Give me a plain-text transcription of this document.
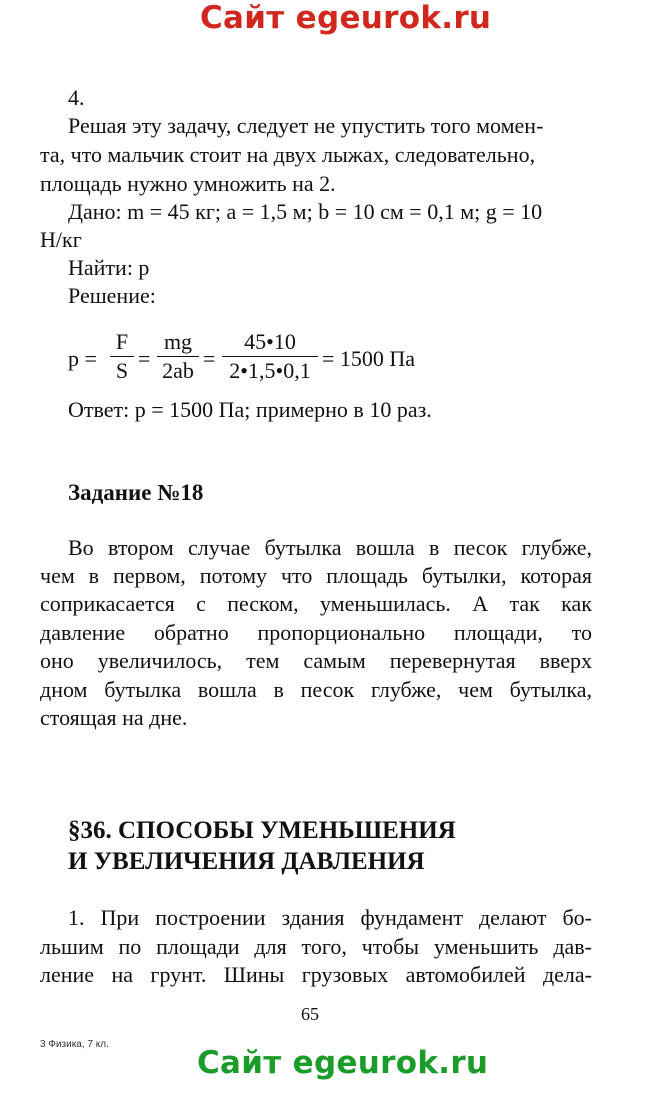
Сайт egeurok.ru
4.
Решая эту задачу, следует не упустить того момен-
та, что мальчик стоит на двух лыжах, следовательно,
площадь нужно умножить на 2.
Дано: m = 45 кг; a = 1,5 м; b = 10 см = 0,1 м; g = 10
Н/кг
Найти: p
Решение:
p =
F
S =
mg
2ab =
45•10
2•1,5•0,1 = 1500 Па
Ответ: p = 1500 Па; примерно в 10 раз.
Задание №18
Во втором случае бутылка вошла в песок глубже,
чем в первом, потому что площадь бутылки, которая
соприкасается с песком, уменьшилась. А так как
давление обратно пропорционально площади, то
оно увеличилось, тем самым перевернутая вверх
дном бутылка вошла в песок глубже, чем бутылка,
стоящая на дне.
§36. СПОСОБЫ УМЕНЬШЕНИЯ
И УВЕЛИЧЕНИЯ ДАВЛЕНИЯ
1. При построении здания фундамент делают бо-
льшим по площади для того, чтобы уменьшить дав-
ление на грунт. Шины грузовых автомобилей дела-
65
3 Физика, 7 кл.
Сайт egeurok.ru
